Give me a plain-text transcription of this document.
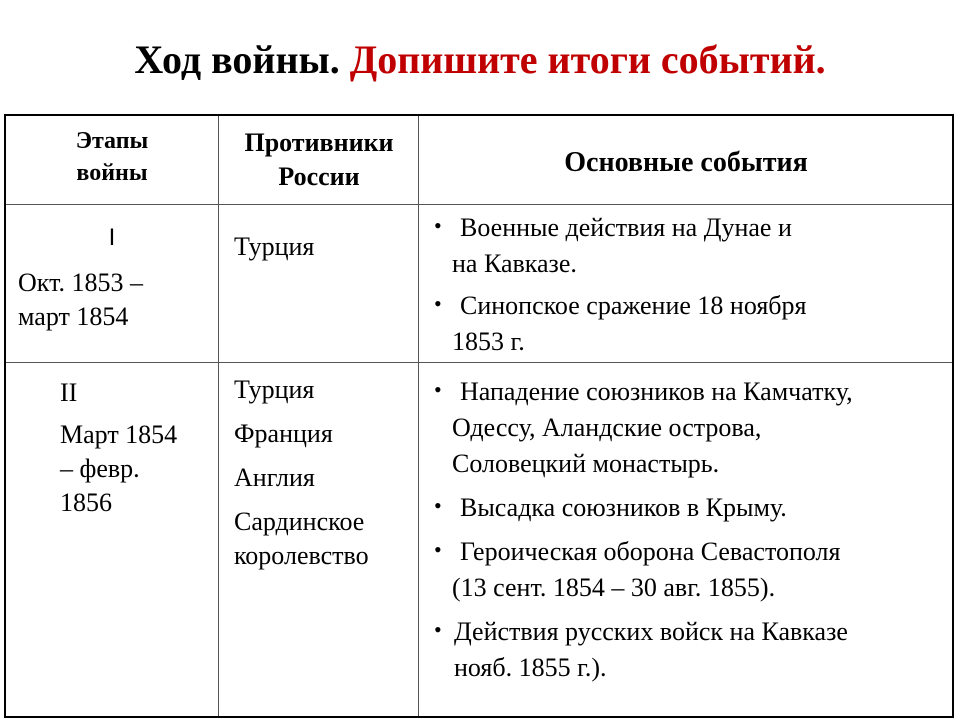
Ход войны. Допишите итоги событий.
Этапы
войны
Противники
России	Основные события
I
Окт. 1853 –
март 1854
Турция
• Военные действия на Дунае и
на Кавказе.
• Синопское сражение 18 ноября
1853 г.
II
Март 1854
– февр.
1856
Турция
Франция
Англия
Сардинское
королевство
• Нападение союзников на Камчатку,
Одессу, Аландские острова,
Соловецкий монастырь.
• Высадка союзников в Крыму.
• Героическая оборона Севастополя
(13 сент. 1854 – 30 авг. 1855).
• Действия русских войск на Кавказе
нояб. 1855 г.).
